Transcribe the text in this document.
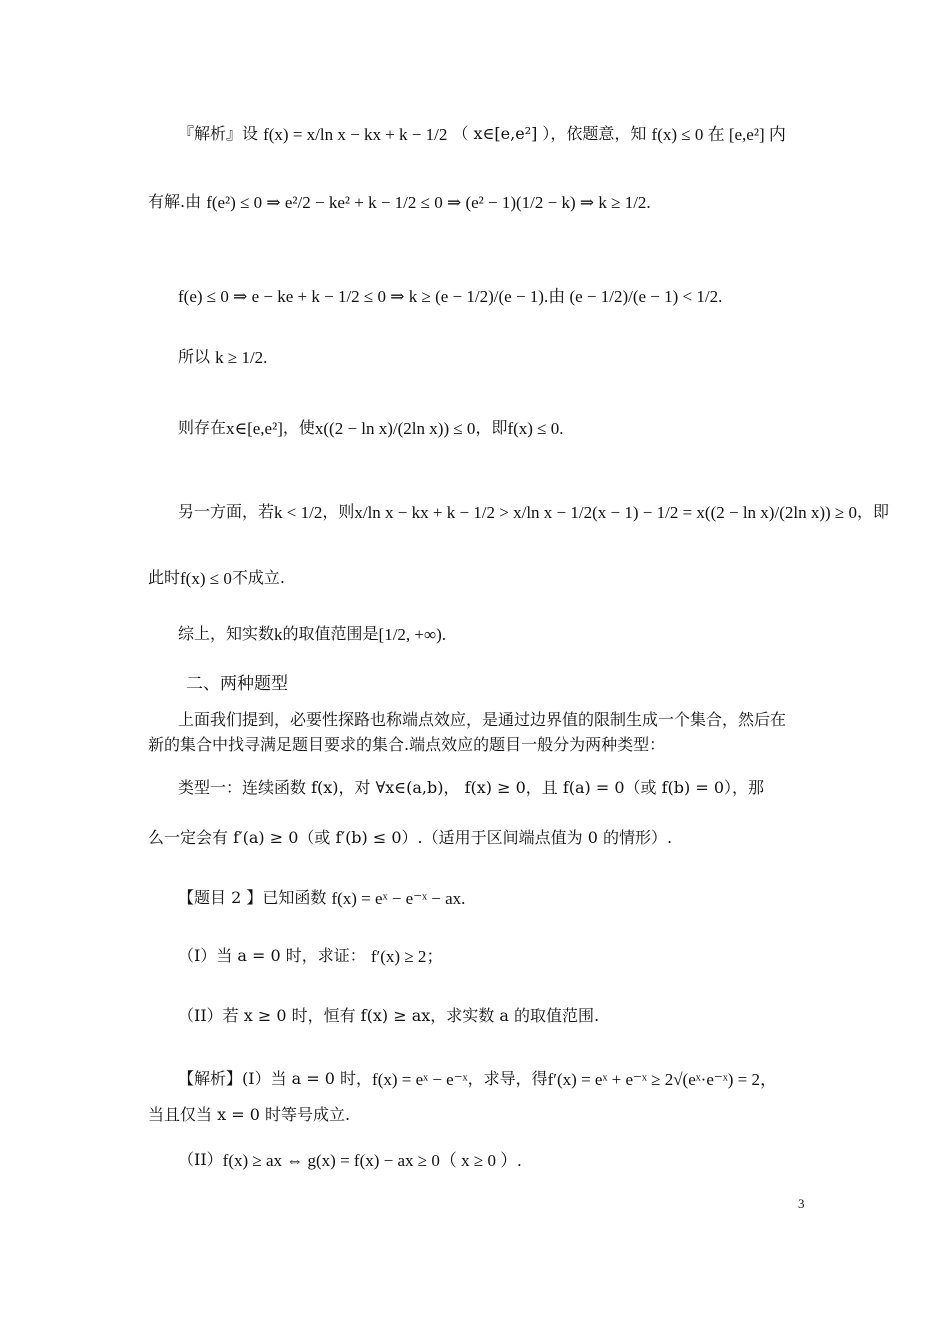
『解析』设 f(x) = x/ln x − kx + k − 1/2 （ x∈[e,e²] ），依题意，知 f(x) ≤ 0 在 [e,e²] 内
有解.由 f(e²) ≤ 0 ⇒ e²/2 − ke² + k − 1/2 ≤ 0 ⇒ (e² − 1)(1/2 − k) ⇒ k ≥ 1/2.
f(e) ≤ 0 ⇒ e − ke + k − 1/2 ≤ 0 ⇒ k ≥ (e − 1/2)/(e − 1).由 (e − 1/2)/(e − 1) < 1/2.
所以 k ≥ 1/2.
则存在x∈[e,e²]，使x((2 − ln x)/(2ln x)) ≤ 0，即f(x) ≤ 0.
另一方面，若k < 1/2，则x/ln x − kx + k − 1/2 > x/ln x − 1/2(x − 1) − 1/2 = x((2 − ln x)/(2ln x)) ≥ 0，即
此时f(x) ≤ 0不成立.
综上，知实数k的取值范围是[1/2, +∞).
二、两种题型
上面我们提到，必要性探路也称端点效应，是通过边界值的限制生成一个集合，然后在
新的集合中找寻满足题目要求的集合.端点效应的题目一般分为两种类型：
类型一：连续函数 f(x)，对 ∀x∈(a,b)， f(x) ≥ 0，且 f(a) = 0（或 f(b) = 0），那
么一定会有 f′(a) ≥ 0（或 f′(b) ≤ 0）.（适用于区间端点值为 0 的情形）.
【题目 2 】已知函数 f(x) = eˣ − e⁻ˣ − ax.
（I）当 a = 0 时，求证： f′(x) ≥ 2；
（II）若 x ≥ 0 时，恒有 f(x) ≥ ax，求实数 a 的取值范围.
【解析】(I）当 a = 0 时，f(x) = eˣ − e⁻ˣ，求导，得f′(x) = eˣ + e⁻ˣ ≥ 2√(eˣ·e⁻ˣ) = 2，
当且仅当 x = 0 时等号成立.
（II）f(x) ≥ ax ⇔ g(x) = f(x) − ax ≥ 0（ x ≥ 0 ）.
3
